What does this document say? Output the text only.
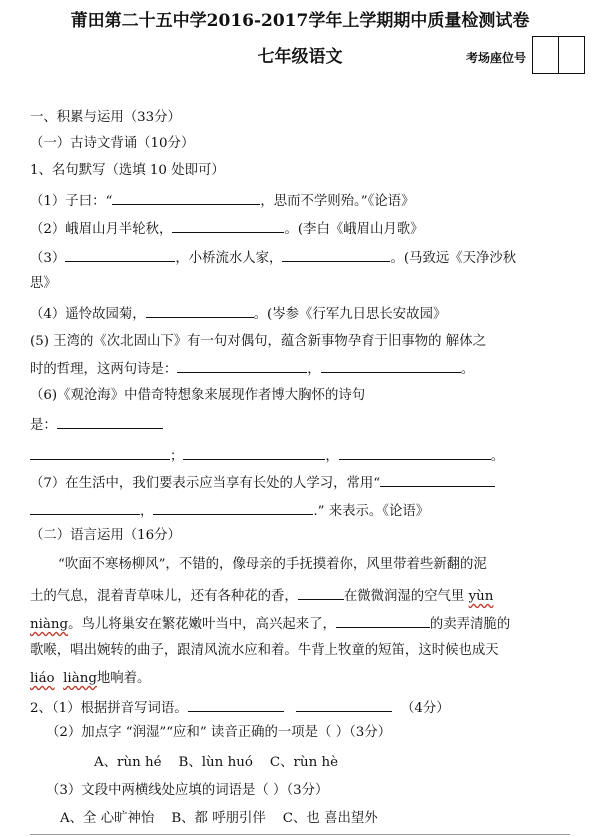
莆田第二十五中学2016-2017学年上学期期中质量检测试卷
七年级语文	考场座位号
一、积累与运用（33分）
（一）古诗文背诵（10分）
1、名句默写（选填 10 处即可）
（1）子曰：“	，思而不学则殆。”《论语》
（2）峨眉山月半轮秋，	。(李白《峨眉山月歌》
（3）	，小桥流水人家，	。(马致远《天净沙秋
思》
（4）遥怜故园菊，	。(岑参《行军九日思长安故园》
(5) 王湾的《次北固山下》有一句对偶句，蕴含新事物孕育于旧事物的 解体之
时的哲理，这两句诗是：	，	。
（6)《观沧海》中借奇特想象来展现作者博大胸怀的诗句
是：
；	，	。
（7）在生活中，我们要表示应当享有长处的人学习，常用“
，	.” 来表示。《论语》
（二）语言运用（16分）
“吹面不寒杨柳风”，不错的，像母亲的手抚摸着你，风里带着些新翻的泥
土的气息，混着青草味儿，还有各种花的香，	在微微润湿的空气里 yùn
niàng。鸟儿将巢安在繁花嫩叶当中，高兴起来了，	的卖弄清脆的
歌喉，唱出婉转的曲子，跟清风流水应和着。牛背上牧童的短笛，这时候也成天
liáo liàng地响着。
2、（1）根据拼音写词语。	（4分）
（2）加点字 “润湿”“应和” 读音正确的一项是（ ）（3分）
A、rùn hé B、lùn huó C、rùn hè
（3）文段中两横线处应填的词语是（ ）（3分）
A、全 心旷神怡 B、都 呼朋引伴 C、也 喜出望外
